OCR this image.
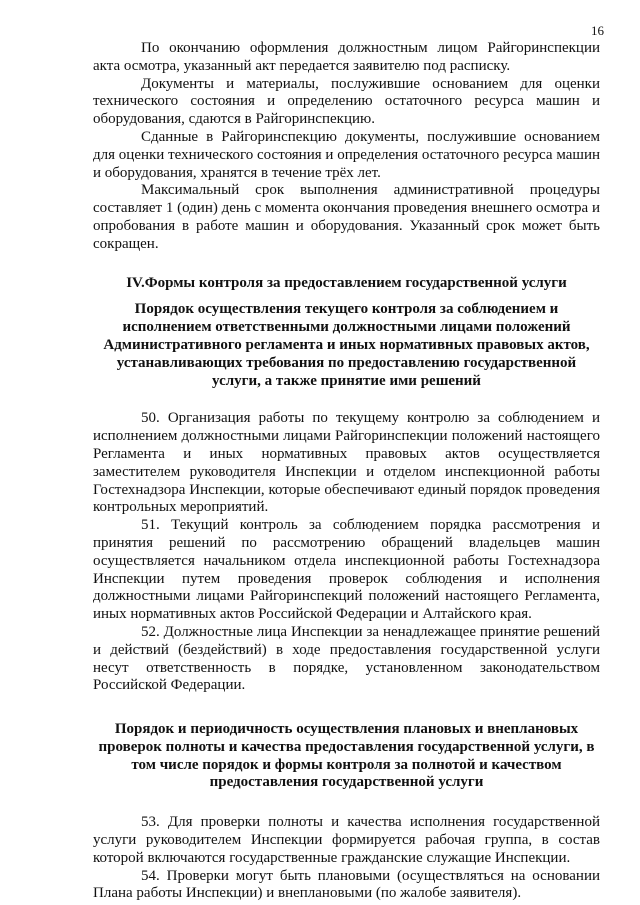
16

По окончанию оформления должностным лицом Райгоринспекции акта осмотра, указанный акт передается заявителю под расписку.

Документы и материалы, послужившие основанием для оценки технического состояния и определению остаточного ресурса машин и оборудования, сдаются в Райгоринспекцию.

Сданные в Райгоринспекцию документы, послужившие основанием для оценки технического состояния и определения остаточного ресурса машин и оборудования, хранятся в течение трёх лет.

Максимальный срок выполнения административной процедуры составляет 1 (один) день с момента окончания проведения внешнего осмотра и опробования в работе машин и оборудования. Указанный срок может быть сокращен.

IV.Формы контроля за предоставлением государственной услуги
Порядок осуществления текущего контроля за соблюдением и исполнением ответственными должностными лицами положений Административного регламента и иных нормативных правовых актов, устанавливающих требования по предоставлению государственной услуги, а также принятие ими решений

50. Организация работы по текущему контролю за соблюдением и исполнением должностными лицами Райгоринспекции положений настоящего Регламента и иных нормативных правовых актов осуществляется заместителем руководителя Инспекции и отделом инспекционной работы Гостехнадзора Инспекции, которые обеспечивают единый порядок проведения контрольных мероприятий.

51. Текущий контроль за соблюдением порядка рассмотрения и принятия решений по рассмотрению обращений владельцев машин осуществляется начальником отдела инспекционной работы Гостехнадзора Инспекции путем проведения проверок соблюдения и исполнения должностными лицами Райгоринспекций положений настоящего Регламента, иных нормативных актов Российской Федерации и Алтайского края.

52. Должностные лица Инспекции за ненадлежащее принятие решений и действий (бездействий) в ходе предоставления государственной услуги несут ответственность в порядке, установленном законодательством Российской Федерации.

Порядок и периодичность осуществления плановых и внеплановых проверок полноты и качества предоставления государственной услуги, в том числе порядок и формы контроля за полнотой и качеством предоставления государственной услуги

53. Для проверки полноты и качества исполнения государственной услуги руководителем Инспекции формируется рабочая группа, в состав которой включаются государственные гражданские служащие Инспекции.

54. Проверки могут быть плановыми (осуществляться на основании Плана работы Инспекции) и внеплановыми (по жалобе заявителя).
